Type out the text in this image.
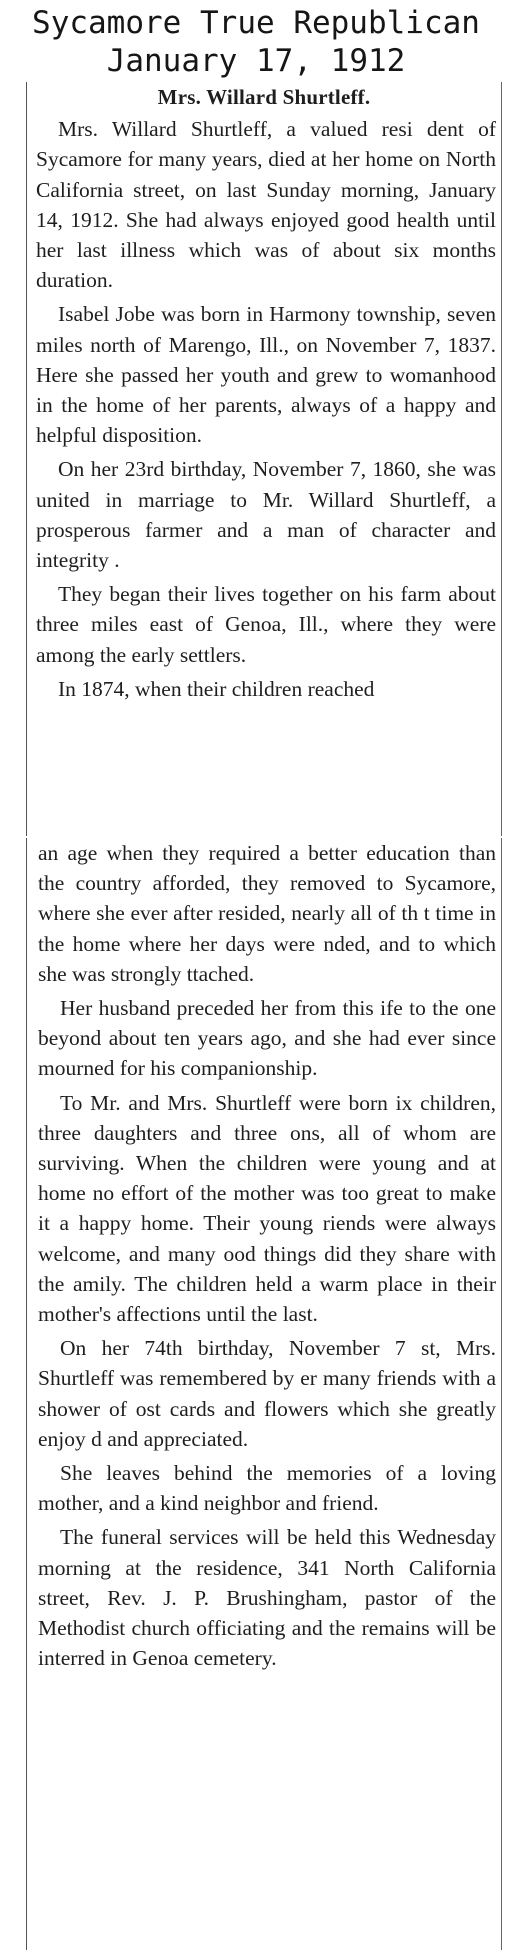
Sycamore True Republican
January 17, 1912
Mrs. Willard Shurtleff.

Mrs. Willard Shurtleff, a valued resi dent of Sycamore for many years, died at her home on North California street, on last Sunday morning, January 14, 1912. She had always enjoyed good health until her last illness which was of about six months duration.

Isabel Jobe was born in Harmony township, seven miles north of Marengo, Ill., on November 7, 1837. Here she passed her youth and grew to womanhood in the home of her parents, always of a happy and helpful disposition.

On her 23rd birthday, November 7, 1860, she was united in marriage to Mr. Willard Shurtleff, a prosperous farmer and a man of character and integrity .

They began their lives together on his farm about three miles east of Genoa, Ill., where they were among the early settlers.

In 1874, when their children reached

an age when they required a better education than the country afforded, they removed to Sycamore, where she ever after resided, nearly all of th t time in the home where her days were nded, and to which she was strongly ttached.

Her husband preceded her from this ife to the one beyond about ten years ago, and she had ever since mourned for his companionship.

To Mr. and Mrs. Shurtleff were born ix children, three daughters and three ons, all of whom are surviving. When the children were young and at home no effort of the mother was too great to make it a happy home. Their young riends were always welcome, and many ood things did they share with the amily. The children held a warm place in their mother's affections until the last.

On her 74th birthday, November 7 st, Mrs. Shurtleff was remembered by er many friends with a shower of ost cards and flowers which she greatly enjoy d and appreciated.

She leaves behind the memories of a loving mother, and a kind neighbor and friend.

The funeral services will be held this Wednesday morning at the residence, 341 North California street, Rev. J. P. Brushingham, pastor of the Methodist church officiating and the remains will be interred in Genoa cemetery.
